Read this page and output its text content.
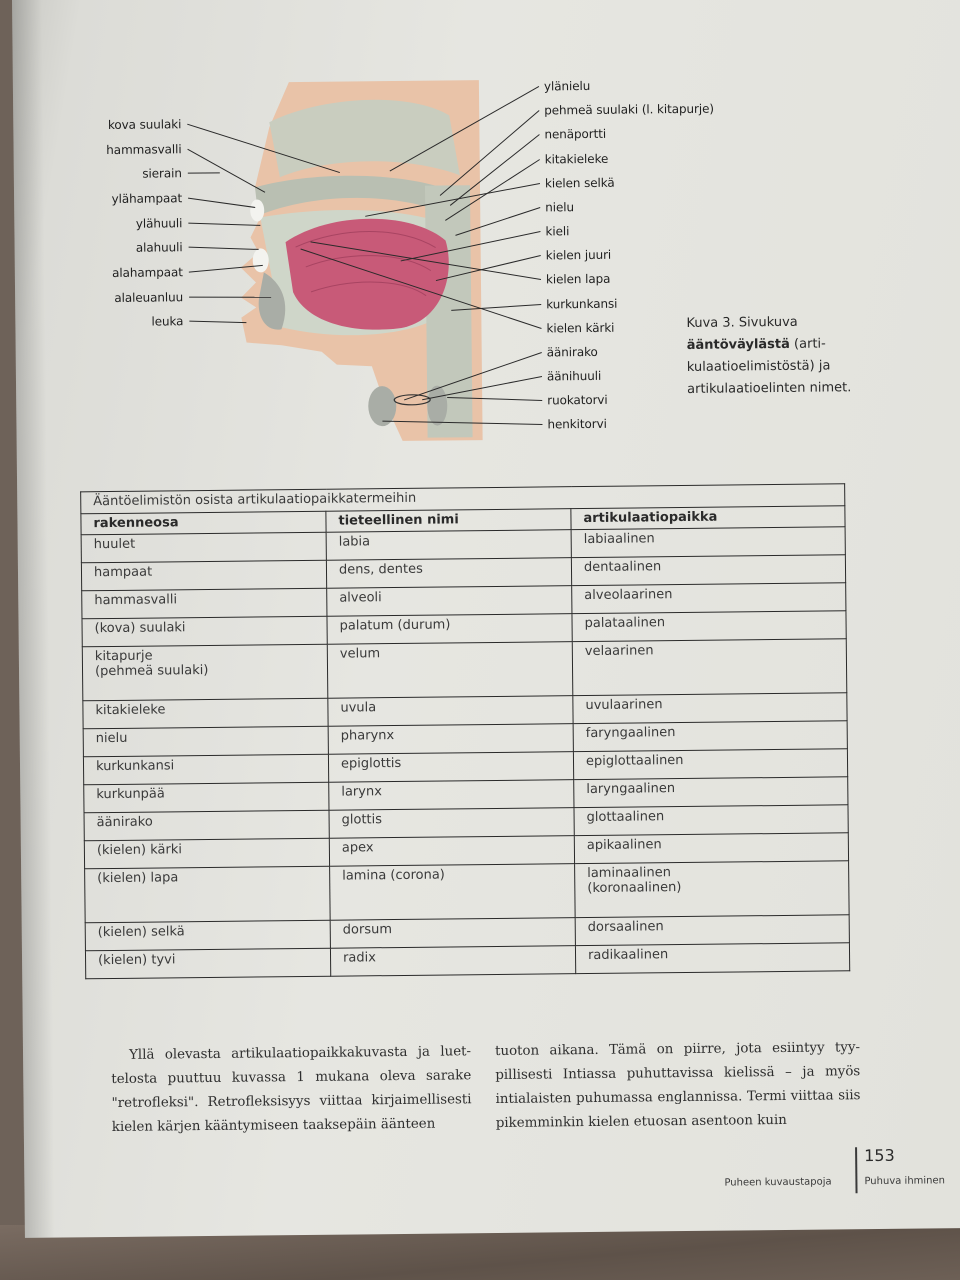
kova suulaki
hammasvalli
sierain
ylähampaat
ylähuuli
alahuuli
alahampaat
alaleuanluu
leuka
ylänielu
pehmeä suulaki (l. kitapurje)
nenäportti
kitakieleke
kielen selkä
nielu
kieli
kielen juuri
kielen lapa
kurkunkansi
kielen kärki
äänirako
äänihuuli
ruokatorvi
henkitorvi
Kuva 3. Sivukuva ääntöväylästä (artikulaatioelimistöstä) ja artikulaatioelinten nimet.
Ääntöelimistön osista artikulaatiopaikkatermeihin		
rakenneosa	tieteellinen nimi	artikulaatiopaikka
huulet	labia	labiaalinen
hampaat	dens, dentes	dentaalinen
hammasvalli	alveoli	alveolaarinen
(kova) suulaki	palatum (durum)	palataalinen
kitapurje
(pehmeä suulaki)	velum	velaarinen
kitakieleke	uvula	uvulaarinen
nielu	pharynx	faryngaalinen
kurkunkansi	epiglottis	epiglottaalinen
kurkunpää	larynx	laryngaalinen
äänirako	glottis	glottaalinen
(kielen) kärki	apex	apikaalinen
(kielen) lapa	lamina (corona)	laminaalinen
(koronaalinen)
(kielen) selkä	dorsum	dorsaalinen
(kielen) tyvi	radix	radikaalinen

Yllä olevasta artikulaatiopaikkakuvasta ja luettelosta puuttuu kuvassa 1 mukana oleva sarake "retrofleksi". Retrofleksisyys viittaa kirjaimellisesti kielen kärjen kääntymiseen taaksepäin äänteen

tuoton aikana. Tämä on piirre, jota esiintyy tyypillisesti Intiassa puhuttavissa kielissä – ja myös intialaisten puhumassa englannissa. Termi viittaa siis pikemminkin kielen etuosan asentoon kuin

153
Puheen kuvaustapoja	Puhuva ihminen
